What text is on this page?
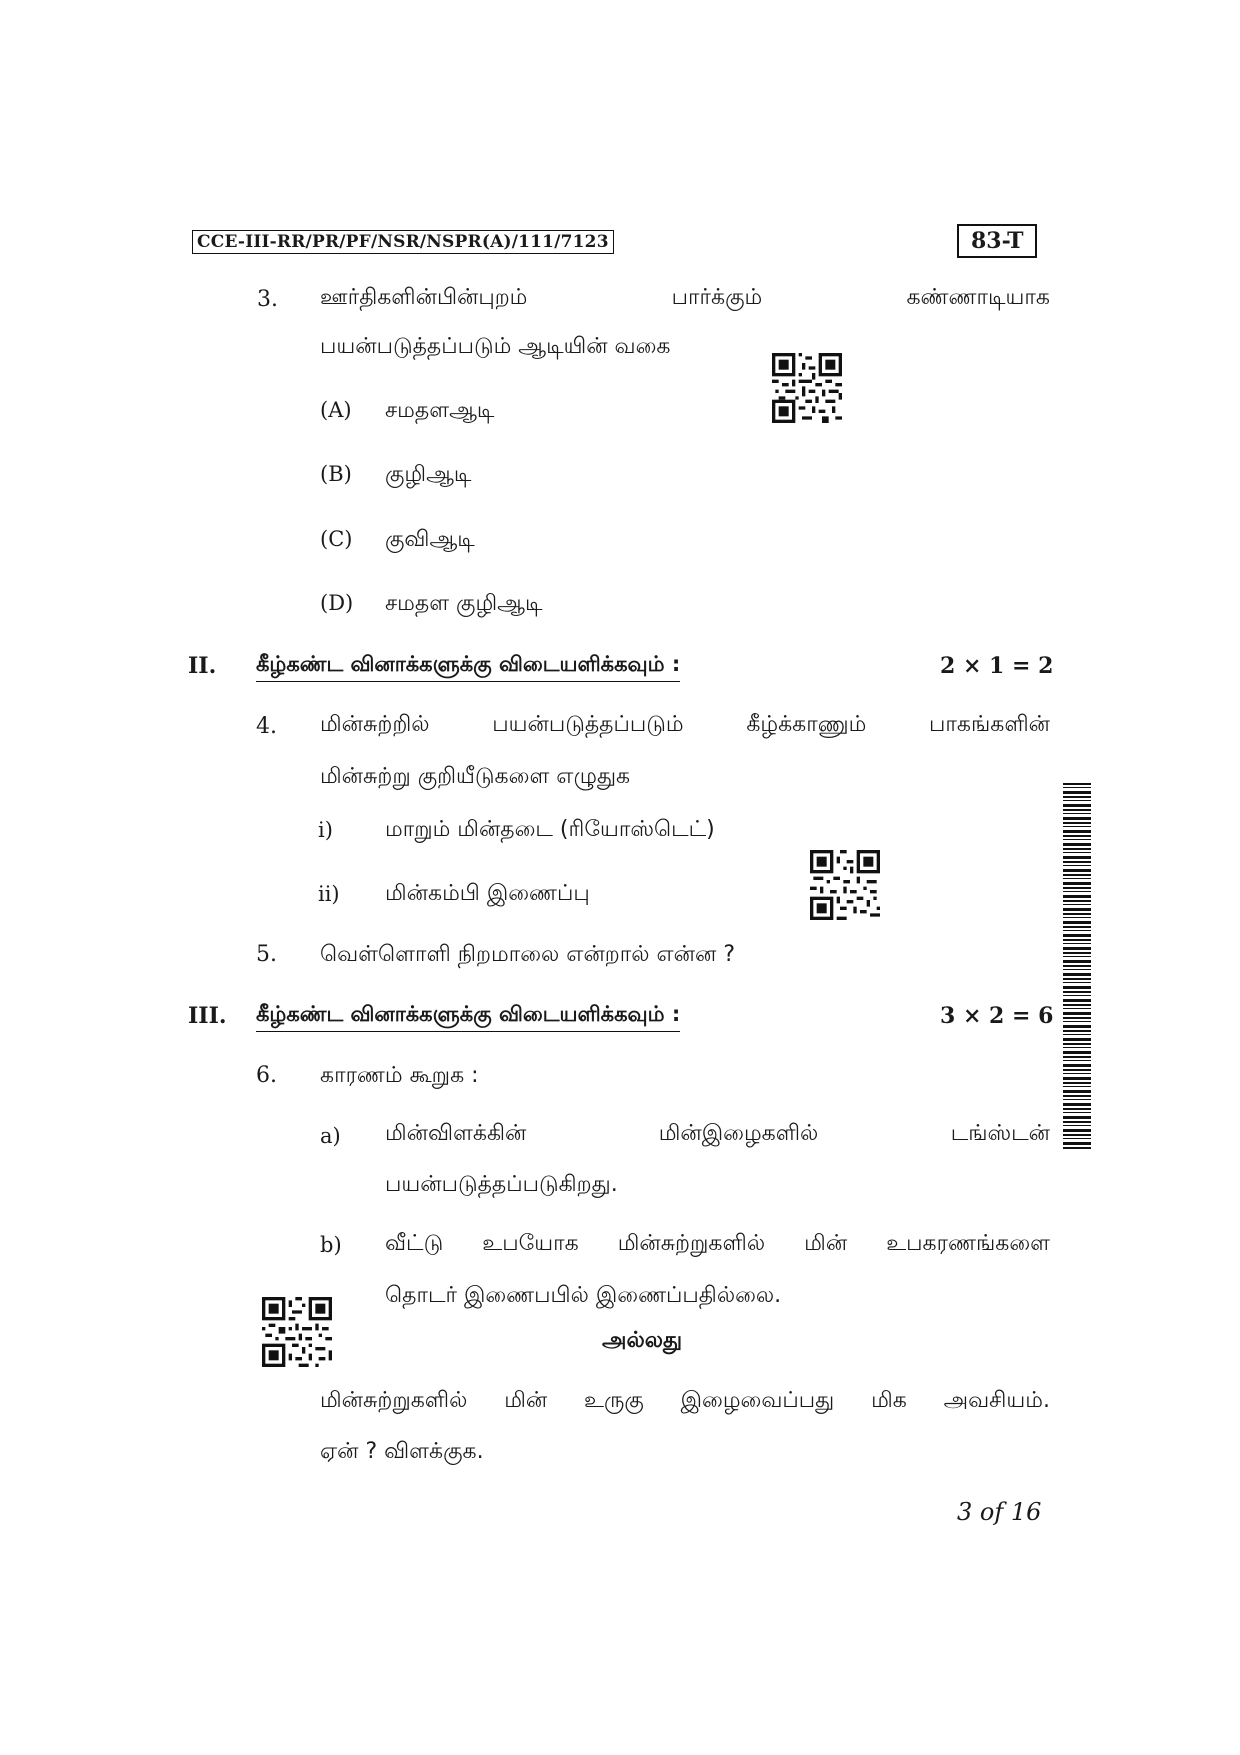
CCE-III-RR/PR/PF/NSR/NSPR(A)/111/7123	83-T
3. ஊர்திகளின்பின்புறம்	பார்க்கும்	கண்ணாடியாக
பயன்படுத்தப்படும் ஆடியின் வகை
(A) சமதளஆடி
(B) குழிஆடி
(C) குவிஆடி
(D) சமதள குழிஆடி
II. கீழ்கண்ட வினாக்களுக்கு விடையளிக்கவும் :	2 × 1 = 2
4. மின்சுற்றில்	பயன்படுத்தப்படும்	கீழ்க்காணும்	பாகங்களின்
மின்சுற்று குறியீடுகளை எழுதுக
i) மாறும் மின்தடை (ரியோஸ்டெட்)
ii) மின்கம்பி இணைப்பு
5. வெள்ளொளி நிறமாலை என்றால் என்ன ?
III. கீழ்கண்ட வினாக்களுக்கு விடையளிக்கவும் :	3 × 2 = 6
6. காரணம் கூறுக :
a) மின்விளக்கின்	மின்இழைகளில்	டங்ஸ்டன்
பயன்படுத்தப்படுகிறது.
b) வீட்டு உபயோக மின்சுற்றுகளில் மின் உபகரணங்களை
தொடர் இணைபபில் இணைப்பதில்லை.
அல்லது
மின்சுற்றுகளில் மின் உருகு இழைவைப்பது மிக அவசியம்.
ஏன் ? விளக்குக.
3 of 16
